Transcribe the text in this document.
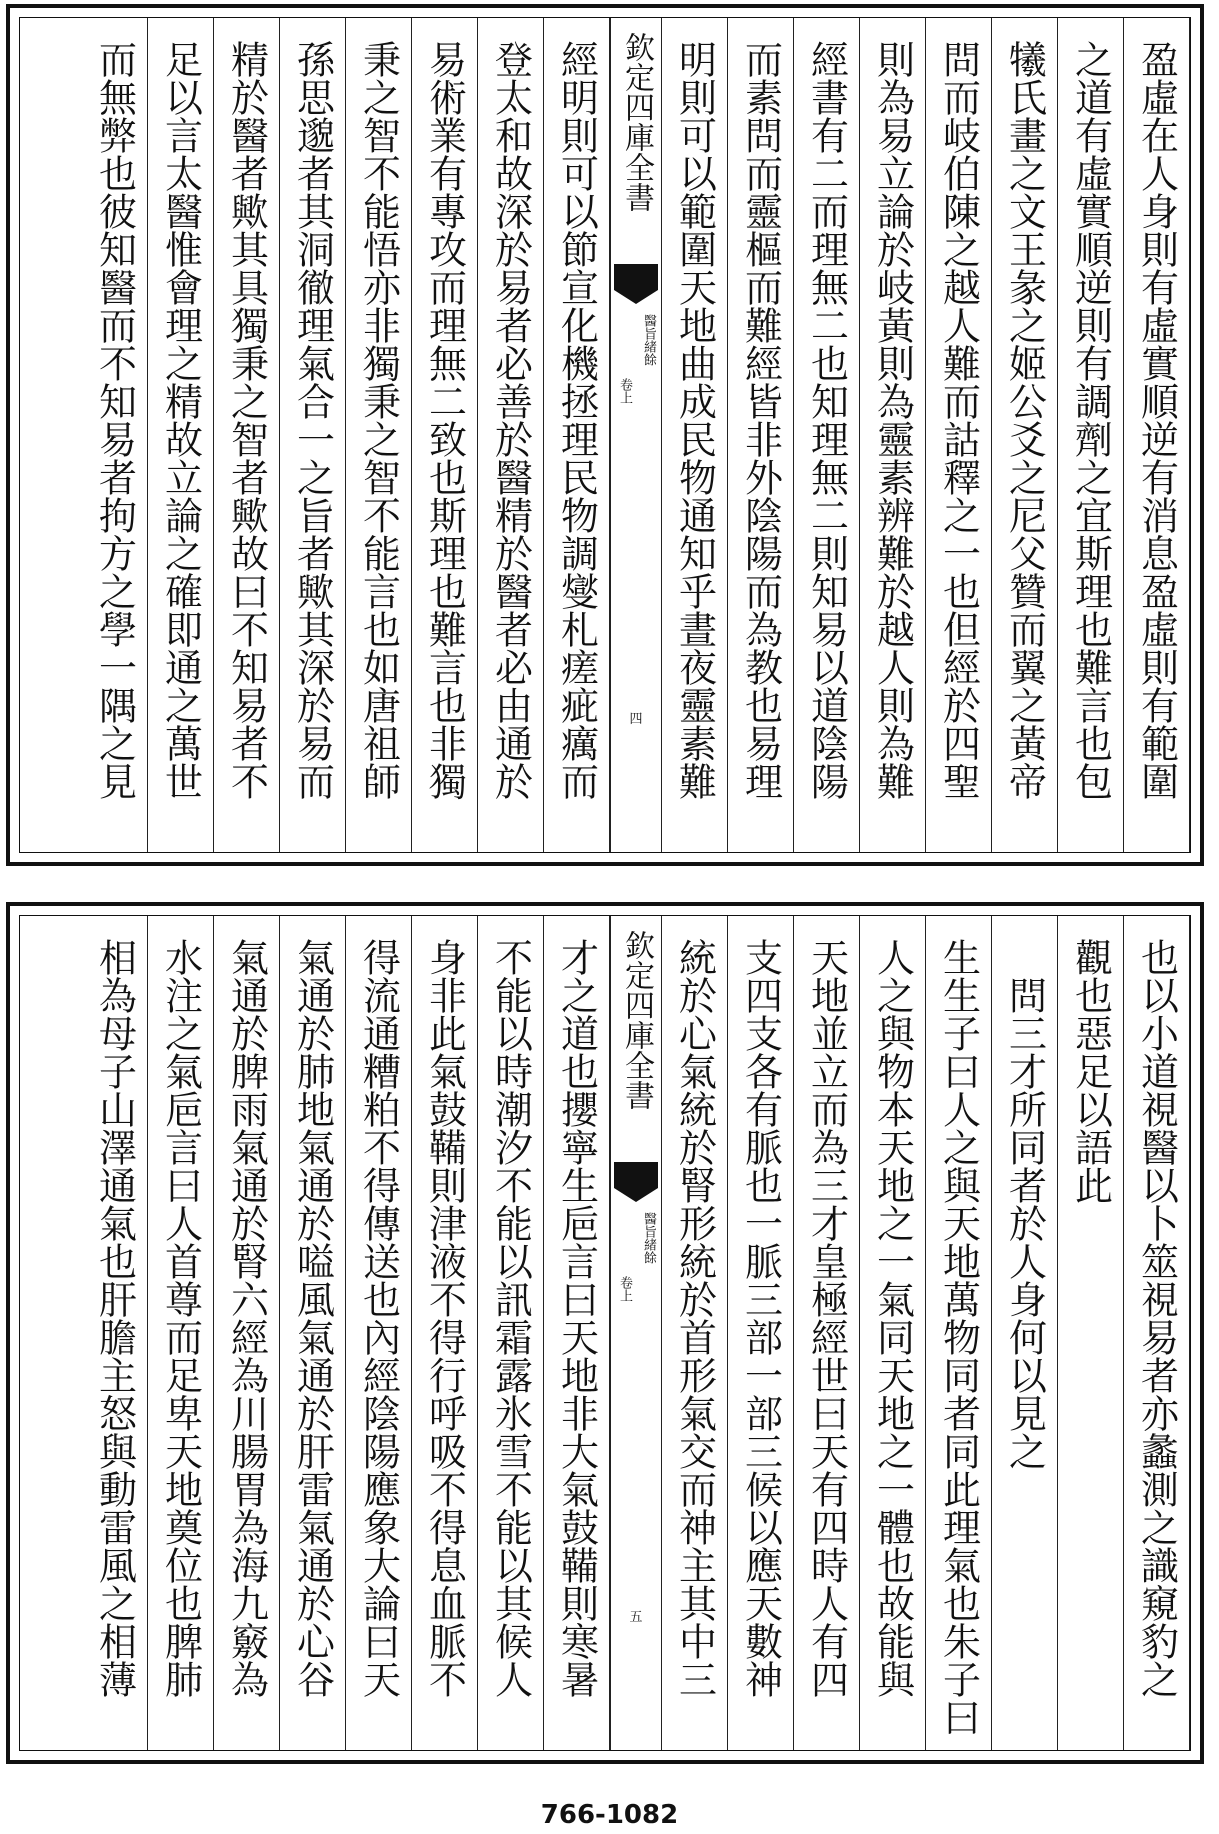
盈虛在人身則有虛實順逆有消息盈虛則有範圍
之道有虛實順逆則有調劑之宜斯理也難言也包
犧氏畫之文王彖之姬公爻之尼父贊而翼之黃帝
問而岐伯陳之越人難而詁釋之一也但經於四聖
則為易立論於岐黃則為靈素辨難於越人則為難
經書有二而理無二也知理無二則知易以道陰陽
而素問而靈樞而難經皆非外陰陽而為教也易理
明則可以範圍天地曲成民物通知乎晝夜靈素難
欽定四庫全書
醫旨緒餘
卷上
四
經明則可以節宣化機拯理民物調燮札瘥疵癘而
登太和故深於易者必善於醫精於醫者必由通於
易術業有專攻而理無二致也斯理也難言也非獨
秉之智不能悟亦非獨秉之智不能言也如唐祖師
孫思邈者其洞徹理氣合一之旨者歟其深於易而
精於醫者歟其具獨秉之智者歟故曰不知易者不
足以言太醫惟會理之精故立論之確即通之萬世
而無弊也彼知醫而不知易者拘方之學一隅之見
也以小道視醫以卜筮視易者亦蠡測之識窺豹之
觀也惡足以語此
　問三才所同者於人身何以見之
生生子曰人之與天地萬物同者同此理氣也朱子曰
人之與物本天地之一氣同天地之一體也故能與
天地並立而為三才皇極經世曰天有四時人有四
支四支各有脈也一脈三部一部三候以應天數神
統於心氣統於腎形統於首形氣交而神主其中三
欽定四庫全書
醫旨緒餘
卷上
五
才之道也攖寧生巵言曰天地非大氣鼓鞴則寒暑
不能以時潮汐不能以訊霜露氷雪不能以其候人
身非此氣鼓鞴則津液不得行呼吸不得息血脈不
得流通糟粕不得傳送也內經陰陽應象大論曰天
氣通於肺地氣通於嗌風氣通於肝雷氣通於心谷
氣通於脾雨氣通於腎六經為川腸胃為海九竅為
水注之氣巵言曰人首尊而足卑天地奠位也脾肺
相為母子山澤通氣也肝膽主怒與動雷風之相薄
766-1082
